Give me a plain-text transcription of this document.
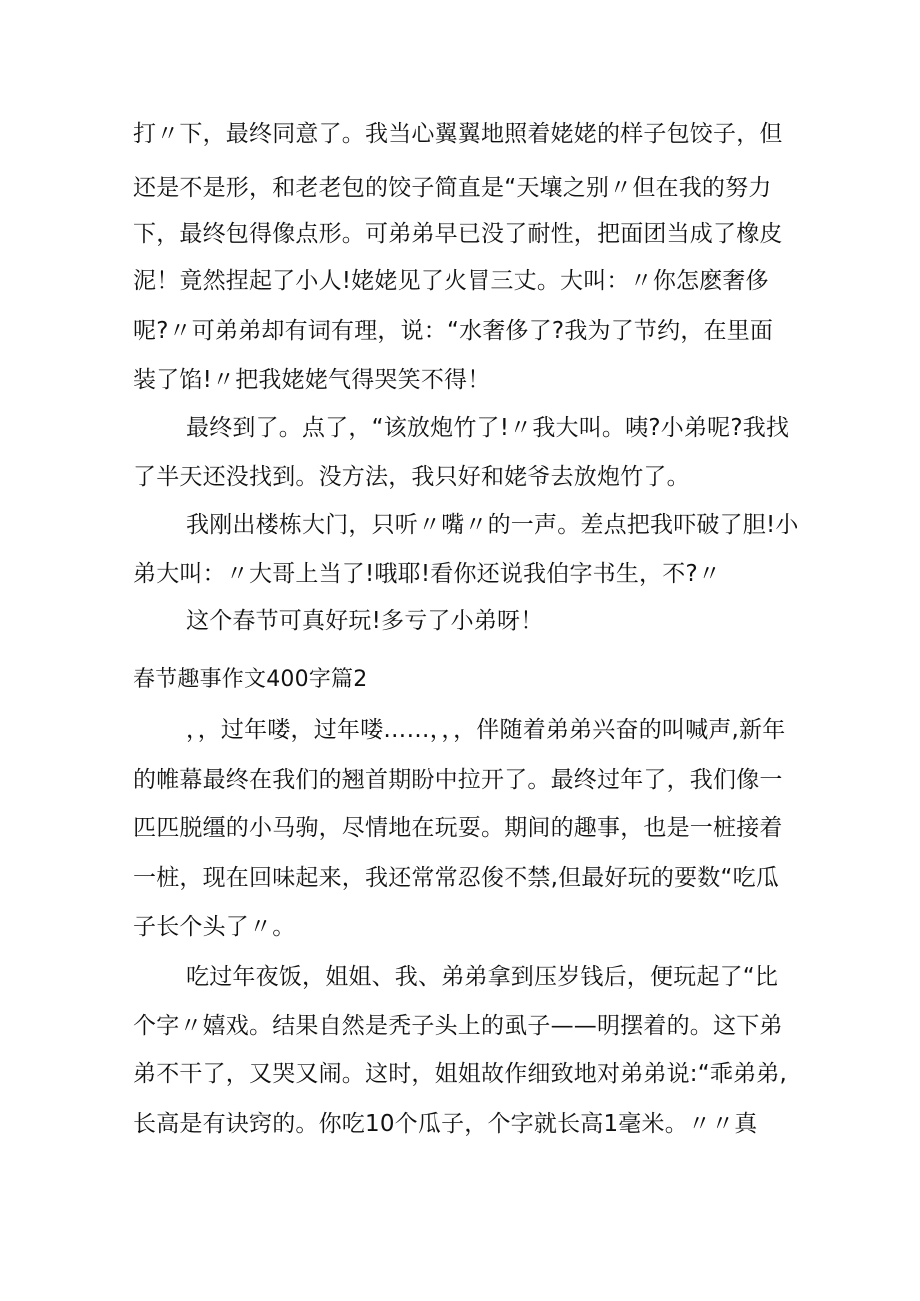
打〃下，最终同意了。我当心翼翼地照着姥姥的样子包饺子，但
还是不是形，和老老包的饺子简直是“天壤之别〃但在我的努力
下，最终包得像点形。可弟弟早已没了耐性，把面团当成了橡皮
泥！竟然捏起了小人!姥姥见了火冒三丈。大叫：〃你怎麽奢侈
呢?〃可弟弟却有词有理，说：“水奢侈了?我为了节约，在里面
装了馅!〃把我姥姥气得哭笑不得！
最终到了。点了，“该放炮竹了!〃我大叫。咦?小弟呢?我找
了半天还没找到。没方法，我只好和姥爷去放炮竹了。
我刚出楼栋大门，只听〃嘴〃的一声。差点把我吓破了胆!小
弟大叫：〃大哥上当了!哦耶!看你还说我伯字书生，不?〃
这个春节可真好玩!多亏了小弟呀！
春节趣事作文400字篇2
，，过年喽，过年喽……，，，伴随着弟弟兴奋的叫喊声,新年
的帷幕最终在我们的翘首期盼中拉开了。最终过年了，我们像一
匹匹脱缰的小马驹，尽情地在玩耍。期间的趣事，也是一桩接着
一桩，现在回味起来，我还常常忍俊不禁,但最好玩的要数“吃瓜
子长个头了〃。
吃过年夜饭，姐姐、我、弟弟拿到压岁钱后，便玩起了“比
个字〃嬉戏。结果自然是秃子头上的虱子——明摆着的。这下弟
弟不干了，又哭又闹。这时，姐姐故作细致地对弟弟说:“乖弟弟,
长高是有诀窍的。你吃10个瓜子，个字就长高1毫米。〃〃真
